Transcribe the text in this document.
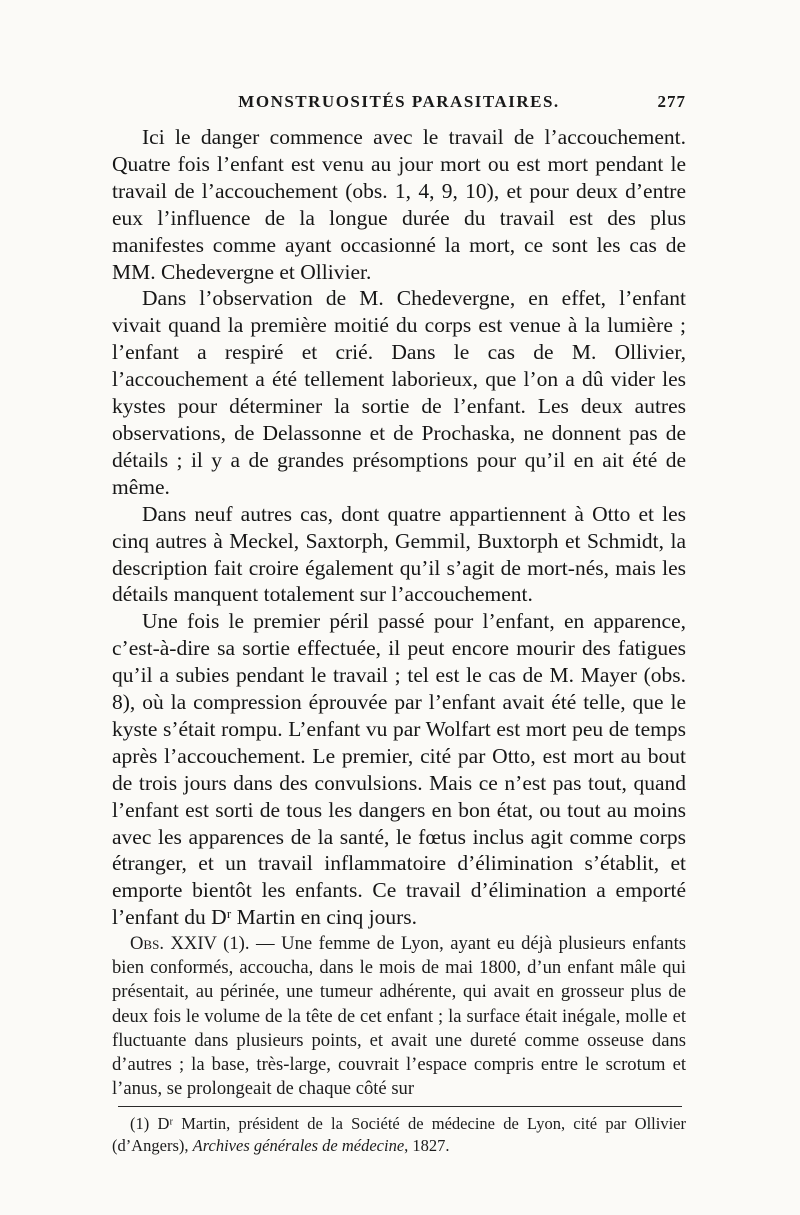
MONSTRUOSITÉS PARASITAIRES.	277

Ici le danger commence avec le travail de l’accouchement. Quatre fois l’enfant est venu au jour mort ou est mort pendant le travail de l’accouchement (obs. 1, 4, 9, 10), et pour deux d’entre eux l’influence de la longue durée du travail est des plus manifestes comme ayant occasionné la mort, ce sont les cas de MM. Chedevergne et Ollivier.

Dans l’observation de M. Chedevergne, en effet, l’enfant vivait quand la première moitié du corps est venue à la lumière ; l’enfant a respiré et crié. Dans le cas de M. Ollivier, l’accouchement a été tellement laborieux, que l’on a dû vider les kystes pour déterminer la sortie de l’enfant. Les deux autres observations, de Delassonne et de Prochaska, ne donnent pas de détails ; il y a de grandes présomptions pour qu’il en ait été de même.

Dans neuf autres cas, dont quatre appartiennent à Otto et les cinq autres à Meckel, Saxtorph, Gemmil, Buxtorph et Schmidt, la description fait croire également qu’il s’agit de mort-nés, mais les détails manquent totalement sur l’accouchement.

Une fois le premier péril passé pour l’enfant, en apparence, c’est-à-dire sa sortie effectuée, il peut encore mourir des fatigues qu’il a subies pendant le travail ; tel est le cas de M. Mayer (obs. 8), où la compression éprouvée par l’enfant avait été telle, que le kyste s’était rompu. L’enfant vu par Wolfart est mort peu de temps après l’accouchement. Le premier, cité par Otto, est mort au bout de trois jours dans des convulsions. Mais ce n’est pas tout, quand l’enfant est sorti de tous les dangers en bon état, ou tout au moins avec les apparences de la santé, le fœtus inclus agit comme corps étranger, et un travail inflammatoire d’élimination s’établit, et emporte bientôt les enfants. Ce travail d’élimination a emporté l’enfant du Dʳ Martin en cinq jours.

Obs. XXIV (1). — Une femme de Lyon, ayant eu déjà plusieurs enfants bien conformés, accoucha, dans le mois de mai 1800, d’un enfant mâle qui présentait, au périnée, une tumeur adhérente, qui avait en grosseur plus de deux fois le volume de la tête de cet enfant ; la surface était inégale, molle et fluctuante dans plusieurs points, et avait une dureté comme osseuse dans d’autres ; la base, très-large, couvrait l’espace compris entre le scrotum et l’anus, se prolongeait de chaque côté sur

(1) Dʳ Martin, président de la Société de médecine de Lyon, cité par Ollivier (d’Angers), Archives générales de médecine, 1827.
